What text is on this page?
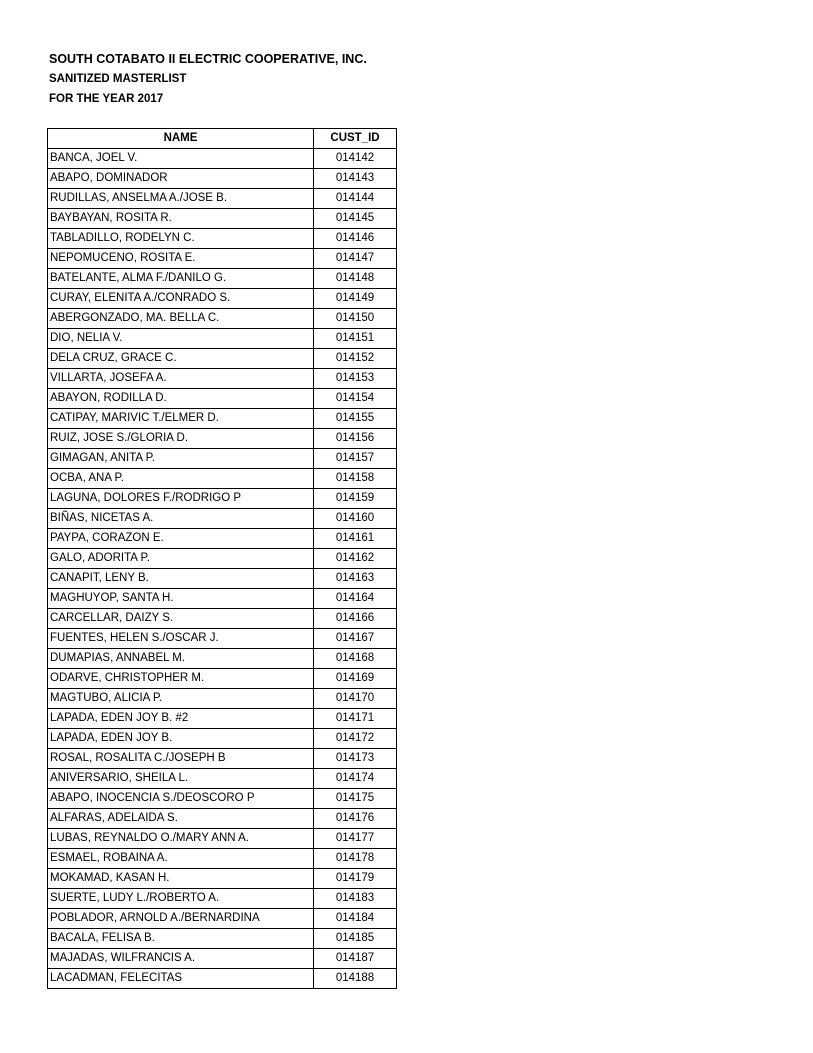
SOUTH COTABATO II ELECTRIC COOPERATIVE, INC.
SANITIZED MASTERLIST
FOR THE YEAR 2017
NAME	CUST_ID
BANCA, JOEL V.	014142
ABAPO, DOMINADOR	014143
RUDILLAS, ANSELMA A./JOSE B.	014144
BAYBAYAN, ROSITA R.	014145
TABLADILLO, RODELYN C.	014146
NEPOMUCENO, ROSITA E.	014147
BATELANTE, ALMA F./DANILO G.	014148
CURAY, ELENITA A./CONRADO S.	014149
ABERGONZADO, MA. BELLA C.	014150
DIO, NELIA V.	014151
DELA CRUZ, GRACE C.	014152
VILLARTA, JOSEFA A.	014153
ABAYON, RODILLA D.	014154
CATIPAY, MARIVIC T./ELMER D.	014155
RUIZ, JOSE S./GLORIA D.	014156
GIMAGAN, ANITA P.	014157
OCBA, ANA P.	014158
LAGUNA, DOLORES F./RODRIGO P	014159
BIÑAS, NICETAS A.	014160
PAYPA, CORAZON E.	014161
GALO, ADORITA P.	014162
CANAPIT, LENY B.	014163
MAGHUYOP, SANTA H.	014164
CARCELLAR, DAIZY S.	014166
FUENTES, HELEN S./OSCAR J.	014167
DUMAPIAS, ANNABEL M.	014168
ODARVE, CHRISTOPHER M.	014169
MAGTUBO, ALICIA P.	014170
LAPADA, EDEN JOY B. #2	014171
LAPADA, EDEN JOY B.	014172
ROSAL, ROSALITA C./JOSEPH B	014173
ANIVERSARIO, SHEILA L.	014174
ABAPO, INOCENCIA S./DEOSCORO P	014175
ALFARAS, ADELAIDA S.	014176
LUBAS, REYNALDO O./MARY ANN A.	014177
ESMAEL, ROBAINA A.	014178
MOKAMAD, KASAN H.	014179
SUERTE, LUDY L./ROBERTO A.	014183
POBLADOR, ARNOLD A./BERNARDINA	014184
BACALA, FELISA B.	014185
MAJADAS, WILFRANCIS A.	014187
LACADMAN, FELECITAS	014188
